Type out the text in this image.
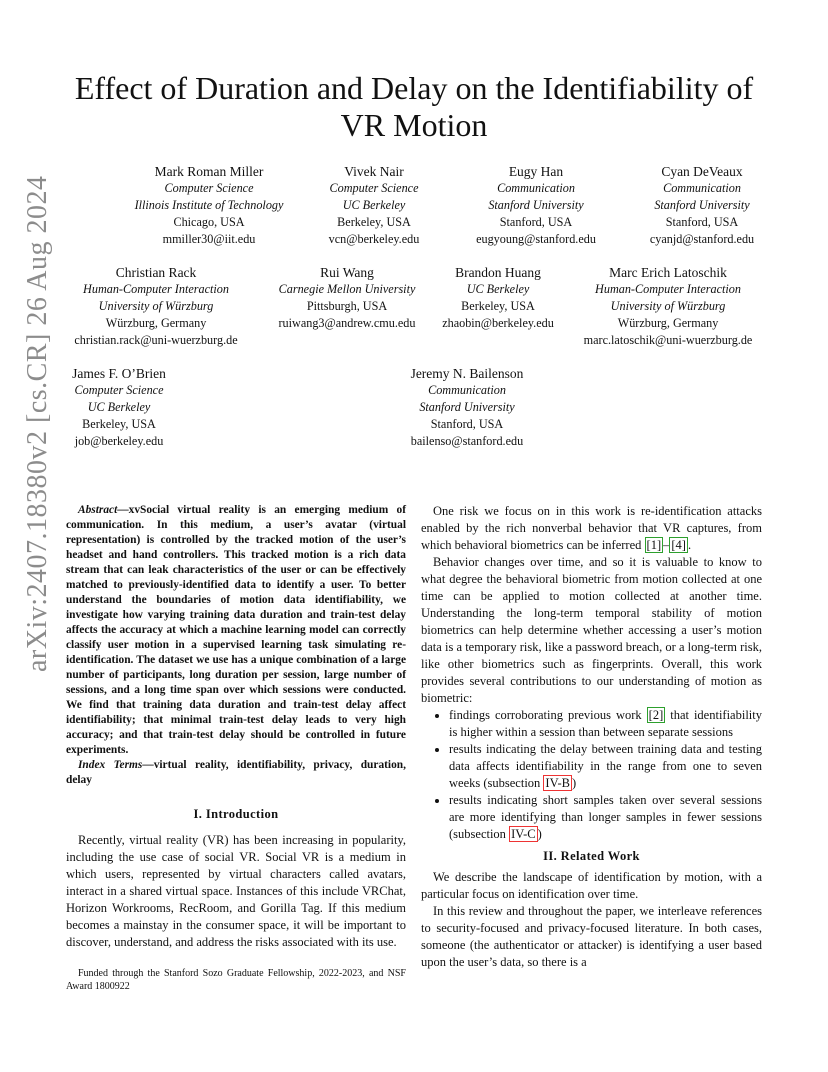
arXiv:2407.18380v2 [cs.CR] 26 Aug 2024
Effect of Duration and Delay on the Identifiability of VR Motion
Mark Roman Miller
Computer Science
Illinois Institute of Technology
Chicago, USA
mmiller30@iit.edu
Vivek Nair
Computer Science
UC Berkeley
Berkeley, USA
vcn@berkeley.edu
Eugy Han
Communication
Stanford University
Stanford, USA
eugyoung@stanford.edu
Cyan DeVeaux
Communication
Stanford University
Stanford, USA
cyanjd@stanford.edu
Christian Rack
Human-Computer Interaction
University of Würzburg
Würzburg, Germany
christian.rack@uni-wuerzburg.de
Rui Wang
Carnegie Mellon University
Pittsburgh, USA
ruiwang3@andrew.cmu.edu
Brandon Huang
UC Berkeley
Berkeley, USA
zhaobin@berkeley.edu
Marc Erich Latoschik
Human-Computer Interaction
University of Würzburg
Würzburg, Germany
marc.latoschik@uni-wuerzburg.de
James F. O’Brien
Computer Science
UC Berkeley
Berkeley, USA
job@berkeley.edu
Jeremy N. Bailenson
Communication
Stanford University
Stanford, USA
bailenso@stanford.edu

Abstract—xvSocial virtual reality is an emerging medium of communication. In this medium, a user’s avatar (virtual representation) is controlled by the tracked motion of the user’s headset and hand controllers. This tracked motion is a rich data stream that can leak characteristics of the user or can be effectively matched to previously-identified data to identify a user. To better understand the boundaries of motion data identifiability, we investigate how varying training data duration and train-test delay affects the accuracy at which a machine learning model can correctly classify user motion in a supervised learning task simulating re-identification. The dataset we use has a unique combination of a large number of participants, long duration per session, large number of sessions, and a long time span over which sessions were conducted. We find that training data duration and train-test delay affect identifiability; that minimal train-test delay leads to very high accuracy; and that train-test delay should be controlled in future experiments.

Index Terms—virtual reality, identifiability, privacy, duration, delay

I. Introduction

Recently, virtual reality (VR) has been increasing in popularity, including the use case of social VR. Social VR is a medium in which users, represented by virtual characters called avatars, interact in a shared virtual space. Instances of this include VRChat, Horizon Workrooms, RecRoom, and Gorilla Tag. If this medium becomes a mainstay in the consumer space, it will be important to discover, understand, and address the risks associated with its use.

Funded through the Stanford Sozo Graduate Fellowship, 2022-2023, and NSF Award 1800922

One risk we focus on in this work is re-identification attacks enabled by the rich nonverbal behavior that VR captures, from which behavioral biometrics can be inferred [1] – [4] .

Behavior changes over time, and so it is valuable to know to what degree the behavioral biometric from motion collected at one time can be applied to motion collected at another time. Understanding the long-term temporal stability of motion biometrics can help determine whether accessing a user’s motion data is a temporary risk, like a password breach, or a long-term risk, like other biometrics such as fingerprints. Overall, this work provides several contributions to our understanding of motion as biometric:

• findings corroborating previous work [2] that identifiability is higher within a session than between separate sessions
• results indicating the delay between training data and testing data affects identifiability in the range from one to seven weeks (subsection IV-B )
• results indicating short samples taken over several sessions are more identifying than longer samples in fewer sessions (subsection IV-C )
II. Related Work

We describe the landscape of identification by motion, with a particular focus on identification over time.

In this review and throughout the paper, we interleave references to security-focused and privacy-focused literature. In both cases, someone (the authenticator or attacker) is identifying a user based upon the user’s data, so there is a
